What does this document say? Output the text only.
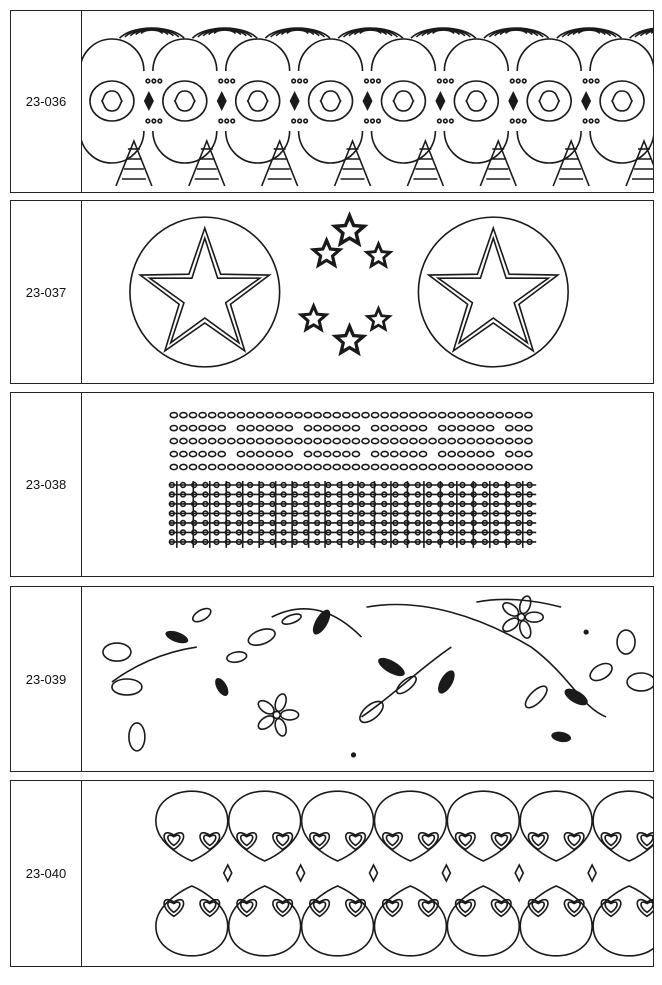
23-036
23-037
23-038
23-039
23-040
